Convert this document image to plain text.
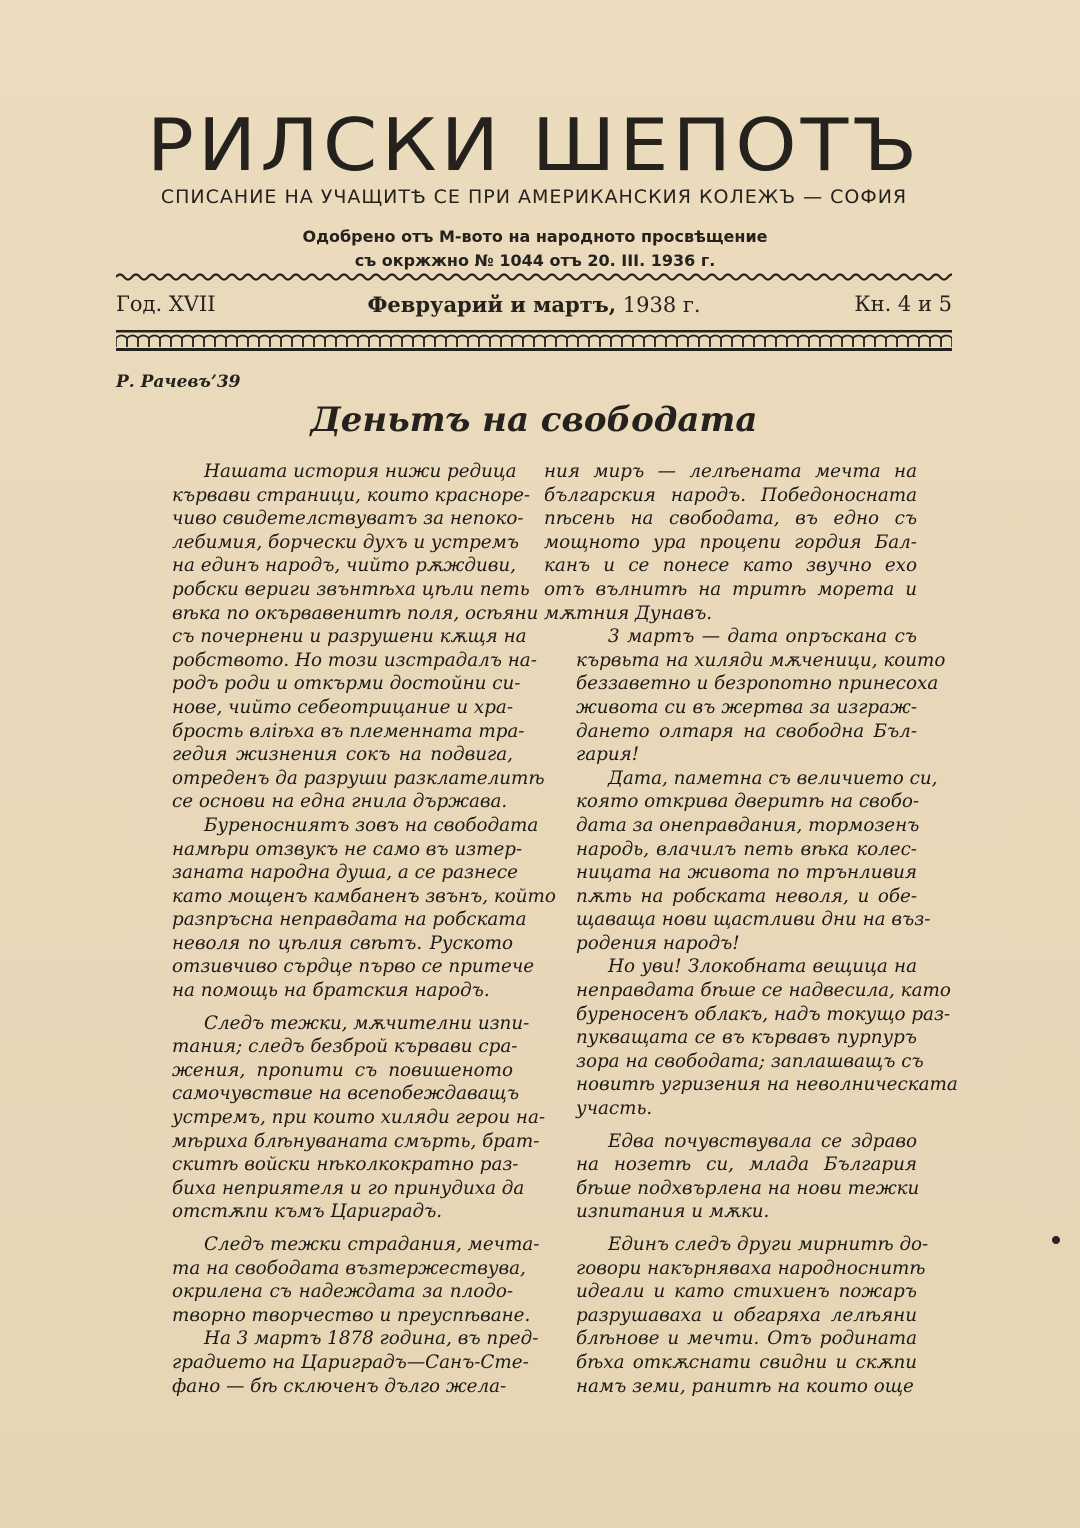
РИЛСКИ ШЕПОТЪ
СПИСАНИЕ НА УЧАЩИТѢ СЕ ПРИ АМЕРИКАНСКИЯ КОЛЕЖЪ — СОФИЯ
Одобрено отъ М-вото на народното просвѣщение
съ окржжно № 1044 отъ 20. III. 1936 г.
Год. XVII	Февруарий и мартъ, 1938 г.	Кн. 4 и 5
Р. Рачевъ’39
Деньтъ на свободата
Нашата история нижи редица
кървави страници, които красноре-
чиво свидетелствуватъ за непоко-
лебимия, борчески духъ и устремъ
на единъ народъ, чийто рѫждиви,
робски вериги звънтѣха цѣли петь
вѣка по окървавенитѣ поля, осѣяни
съ почернени и разрушени кѫщя на
робството. Но този изстрадалъ на-
родъ роди и откърми достойни си-
нове, чийто себеотрицание и хра-
брость вліѣха въ племенната тра-
гедия жизнения сокъ на подвига,
отреденъ да разруши разклателитѣ
се основи на една гнила държава.
Буреносниятъ зовъ на свободата
намѣри отзвукъ не само въ изтер-
заната народна душа, а се разнесе
като мощенъ камбаненъ звънъ, който
разпръсна неправдата на робската
неволя по цѣлия свѣтъ. Руското
отзивчиво сърдце първо се притече
на помощь на братския народъ.
Следъ тежки, мѫчителни изпи-
тания; следъ безброй кървави сра-
жения, пропити съ повишеното
самочувствие на всепобеждаващъ
устремъ, при които хиляди герои на-
мѣриха блѣнуваната смърть, брат-
скитѣ войски нѣколкократно раз-
биха неприятеля и го принудиха да
отстѫпи къмъ Цариградъ.
Следъ тежки страдания, мечта-
та на свободата възтержествува,
окрилена съ надеждата за плодо-
творно творчество и преуспѣване.
На 3 мартъ 1878 година, въ пред-
градието на Цариградъ—Санъ-Сте-
фано — бѣ сключенъ дълго жела-
ния миръ — лелѣената мечта на
българския народъ. Победоносната
пѣсень на свободата, въ едно съ
мощното ура процепи гордия Бал-
канъ и се понесе като звучно ехо
отъ вълнитѣ на тритѣ морета и
мѫтния Дунавъ.
3 мартъ — дата опръскана съ
кървьта на хиляди мѫченици, които
беззаветно и безропотно принесоха
живота си въ жертва за изграж-
дането олтаря на свободна Бъл-
гария!
Дата, паметна съ величието си,
която открива дверитѣ на свобо-
дата за онеправдания, тормозенъ
народь, влачилъ петь вѣка колес-
ницата на живота по трънливия
пѫть на робската неволя, и обе-
щаваща нови щастливи дни на въз-
родения народъ!
Но уви! Злокобната вещица на
неправдата бѣше се надвесила, като
буреносенъ облакъ, надъ токущо раз-
пукващата се въ кървавъ пурпуръ
зора на свободата; заплашващъ съ
новитѣ угризения на неволническата
участь.
Едва почувствувала се здраво
на нозетѣ си, млада България
бѣше подхвърлена на нови тежки
изпитания и мѫки.
Единъ следъ други мирнитѣ до-
говори накърнявaxa народноснитѣ
идеали и като стихиенъ пожаръ
разрушаваха и обгаряха лелѣяни
блѣнове и мечти. Отъ родината
бѣха откѫснати свидни и скѫпи
намъ земи, ранитѣ на които още
